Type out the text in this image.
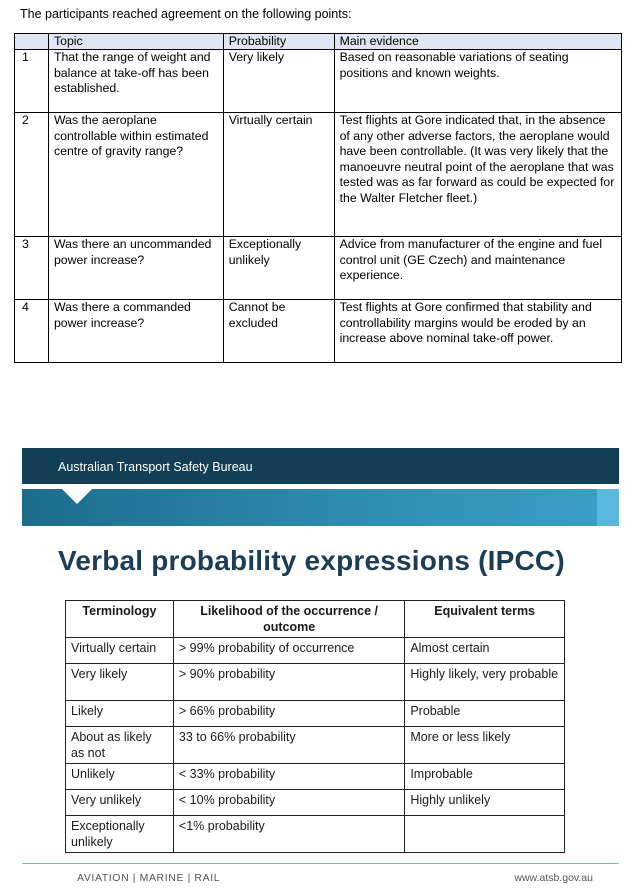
The participants reached agreement on the following points:
	Topic	Probability	Main evidence
1	That the range of weight and balance at take-off has been established.	Very likely	Based on reasonable variations of seating positions and known weights.
2	Was the aeroplane controllable within estimated centre of gravity range?	Virtually certain	Test flights at Gore indicated that, in the absence of any other adverse factors, the aeroplane would have been controllable. (It was very likely that the manoeuvre neutral point of the aeroplane that was tested was as far forward as could be expected for the Walter Fletcher fleet.)
3	Was there an uncommanded power increase?	Exceptionally unlikely	Advice from manufacturer of the engine and fuel control unit (GE Czech) and maintenance experience.
4	Was there a commanded power increase?	Cannot be excluded	Test flights at Gore confirmed that stability and controllability margins would be eroded by an increase above nominal take-off power.
Australian Transport Safety Bureau
Verbal probability expressions (IPCC)
Terminology	Likelihood of the occurrence / outcome	Equivalent terms
Virtually certain	> 99% probability of occurrence	Almost certain
Very likely	> 90% probability	Highly likely, very probable
Likely	> 66% probability	Probable
About as likely as not	33 to 66% probability	More or less likely
Unlikely	< 33% probability	Improbable
Very unlikely	< 10% probability	Highly unlikely
Exceptionally unlikely	<1% probability	
AVIATION | MARINE | RAIL	www.atsb.gov.au
